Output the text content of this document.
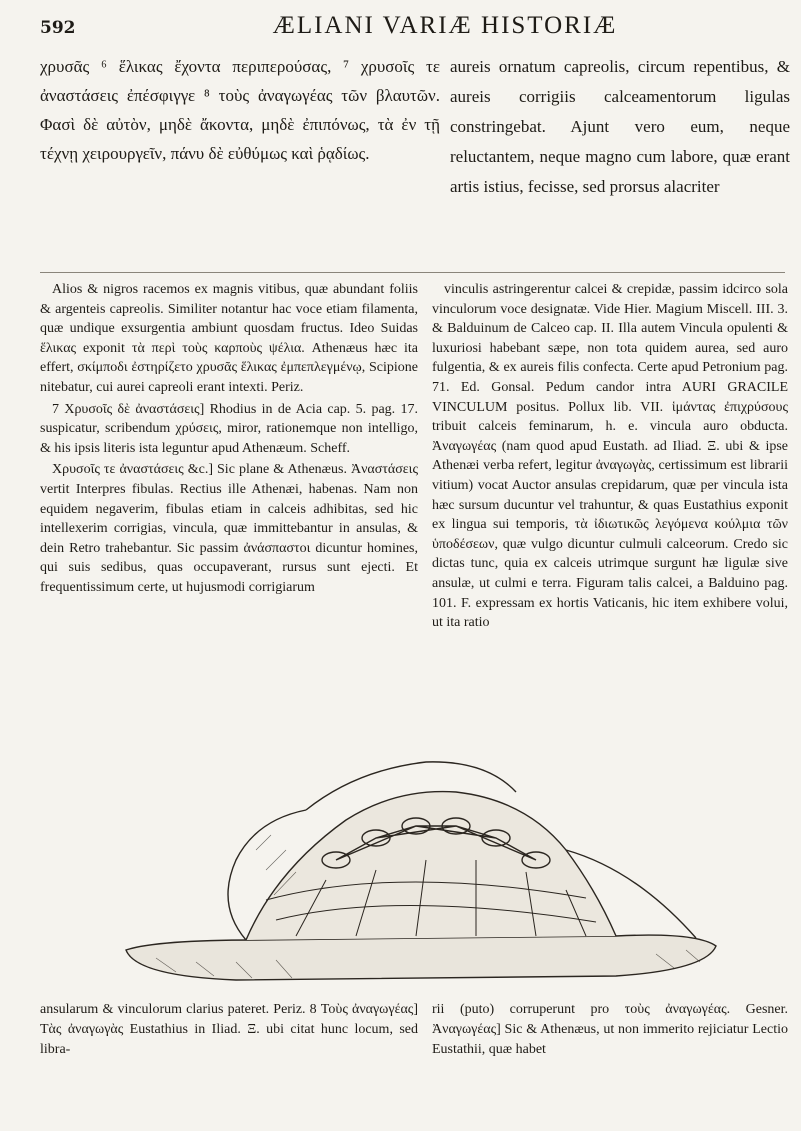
592	ÆLIANI VARIÆ HISTORIÆ

χρυσᾶς ⁶ ἕλικας ἔχοντα περιπερούσας, ⁷ χρυσοῖς τε ἀναστάσεις ἐπέσφιγγε ⁸ τοὺς ἀναγωγέας τῶν βλαυτῶν. Φασὶ δὲ αὐτὸν, μηδὲ ἄκοντα, μηδὲ ἐπιπόνως, τὰ ἐν τῇ τέχνῃ χειρουργεῖν, πάνυ δὲ εὐθύμως καὶ ῥᾳδίως.

aureis ornatum capreolis, circum repentibus, & aureis corrigiis calceamentorum ligulas constringebat. Ajunt vero eum, neque reluctantem, neque magno cum labore, quæ erant artis istius, fecisse, sed prorsus alacriter

Alios & nigros racemos ex magnis vitibus, quæ abundant foliis & argenteis capreolis. Similiter notantur hac voce etiam filamenta, quæ undique exsurgentia ambiunt quosdam fructus. Ideo Suidas ἕλικας exponit τὰ περὶ τοὺς καρποὺς ψέλια. Athenæus hæc ita effert, σκίμποδι ἐστηρίζετο χρυσᾶς ἕλικας ἐμπεπλεγμένῳ, Scipione nitebatur, cui aurei capreoli erant intexti. Periz.

7 Χρυσοῖς δὲ ἀναστάσεις] Rhodius in de Acia cap. 5. pag. 17. suspicatur, scribendum χρύσεις, miror, rationemque non intelligo, & his ipsis literis ista leguntur apud Athenæum. Scheff.

Χρυσοῖς τε ἀναστάσεις &c.] Sic plane & Athenæus. Ἀναστάσεις vertit Interpres fibulas. Rectius ille Athenæi, habenas. Nam non equidem negaverim, fibulas etiam in calceis adhibitas, sed hic intellexerim corrigias, vincula, quæ immittebantur in ansulas, & dein Retro trahebantur. Sic passim ἀνάσπαστοι dicuntur homines, qui suis sedibus, quas occupaverant, rursus sunt ejecti. Et frequentissimum certe, ut hujusmodi corrigiarum

vinculis astringerentur calcei & crepidæ, passim idcirco sola vinculorum voce designatæ. Vide Hier. Magium Miscell. III. 3. & Balduinum de Calceo cap. II. Illa autem Vincula opulenti & luxuriosi habebant sæpe, non tota quidem aurea, sed auro fulgentia, & ex aureis filis confecta. Certe apud Petronium pag. 71. Ed. Gonsal. Pedum candor intra AURI GRACILE VINCULUM positus. Pollux lib. VII. ἱμάντας ἐπιχρύσους tribuit calceis feminarum, h. e. vincula auro obducta. Ἀναγωγέας (nam quod apud Eustath. ad Iliad. Ξ. ubi & ipse Athenæi verba refert, legitur ἀναγωγὰς, certissimum est librarii vitium) vocat Auctor ansulas crepidarum, quæ per vincula ista hæc sursum ducuntur vel trahuntur, & quas Eustathius exponit ex lingua sui temporis, τὰ ἰδιωτικῶς λεγόμενα κούλμια τῶν ὑποδέσεων, quæ vulgo dicuntur culmuli calceorum. Credo sic dictas tunc, quia ex calceis utrimque surgunt hæ ligulæ sive ansulæ, ut culmi e terra. Figuram talis calcei, a Balduino pag. 101. F. expressam ex hortis Vaticanis, hic item exhibere volui, ut ita ratio

ansularum & vinculorum clarius pateret. Periz. 8 Τοὺς ἀναγωγέας] Τὰς ἀναγωγὰς Eustathius in Iliad. Ξ. ubi citat hunc locum, sed libra-

rii (puto) corruperunt pro τοὺς ἀναγωγέας. Gesner. Ἀναγωγέας] Sic & Athenæus, ut non immerito rejiciatur Lectio Eustathii, quæ habet
